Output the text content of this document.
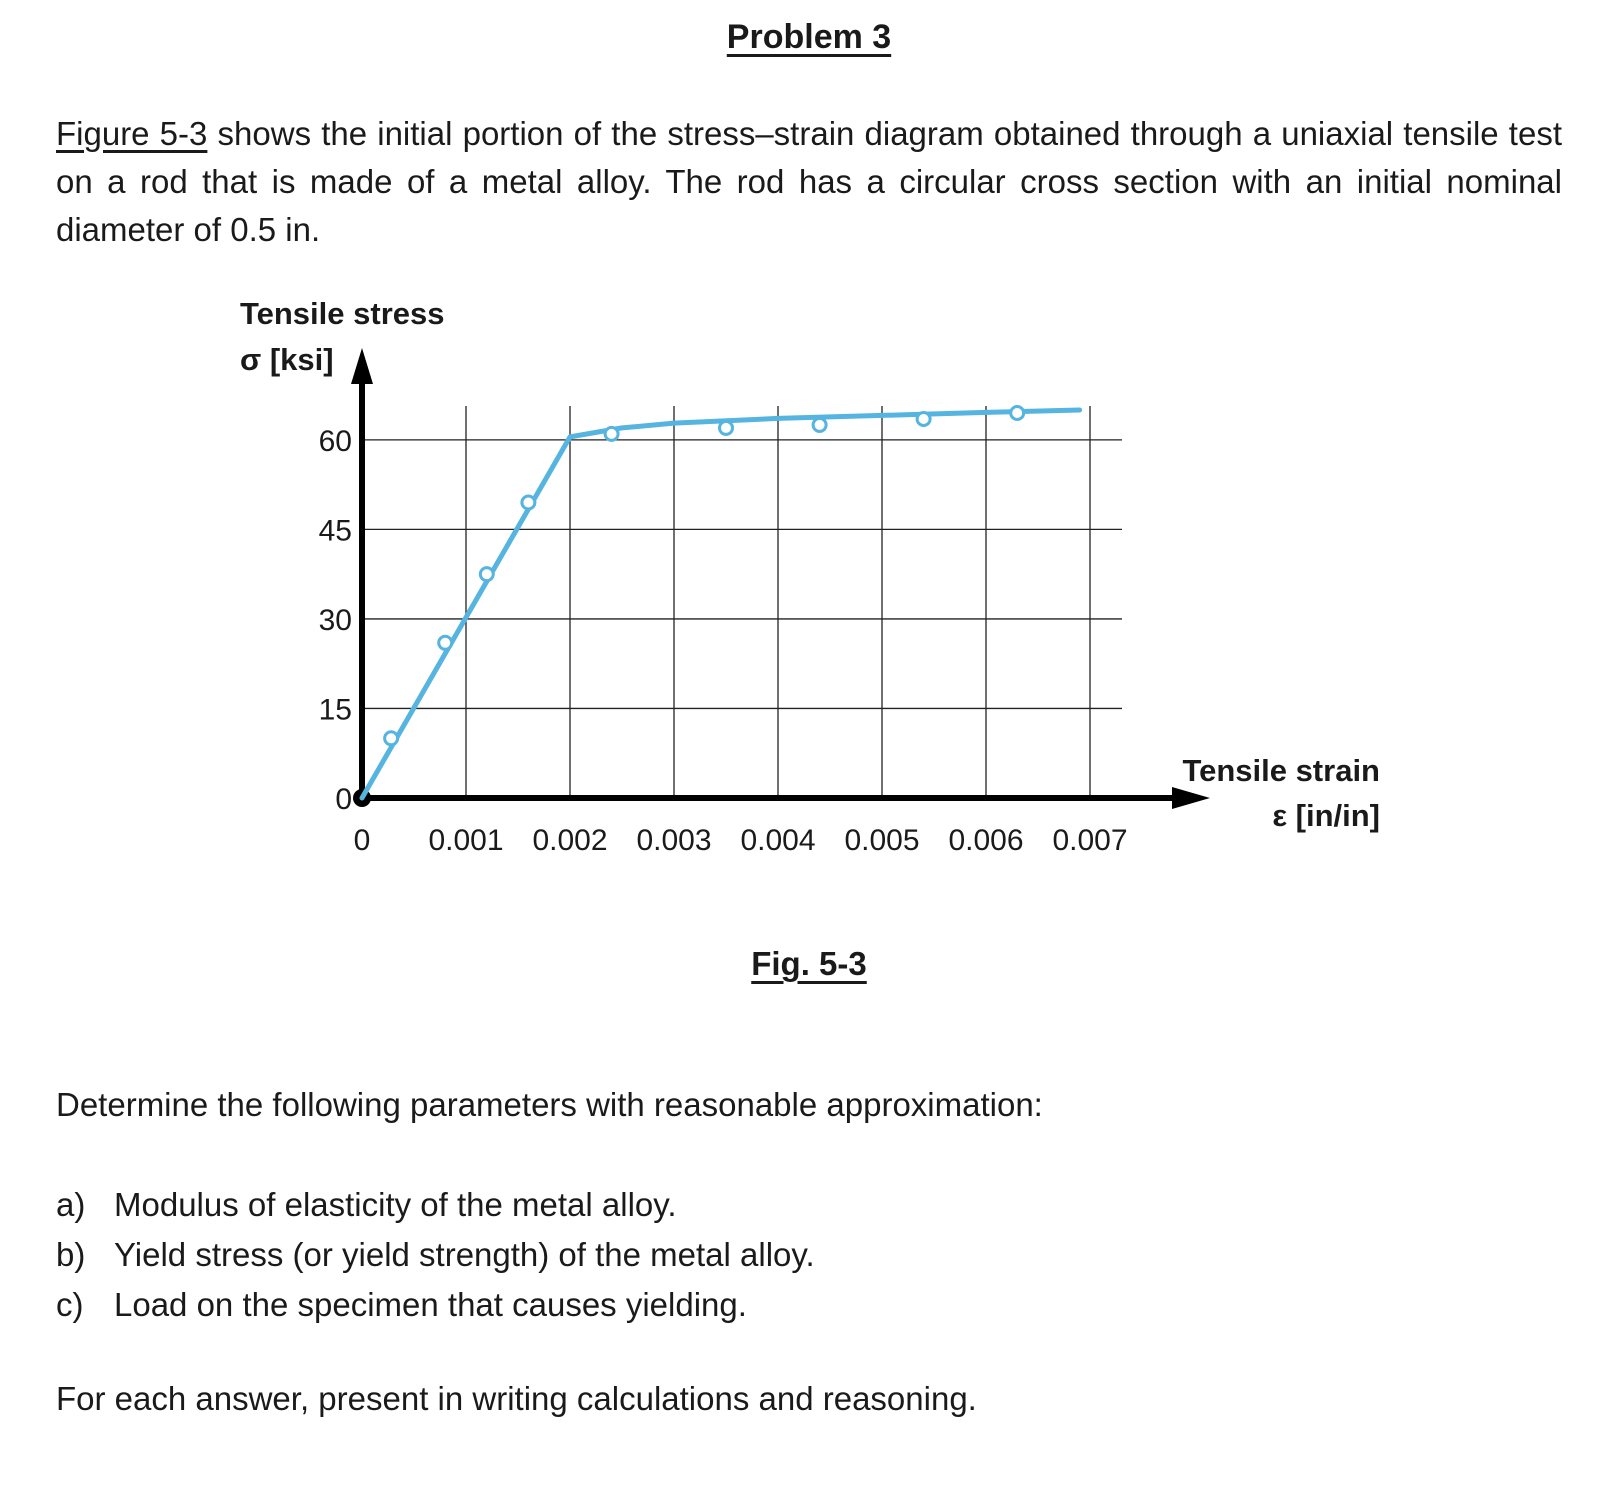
Problem 3

Figure 5-3 shows the initial portion of the stress–strain diagram obtained through a uniaxial tensile test on a rod that is made of a metal alloy. The rod has a circular cross section with an initial nominal diameter of 0.5 in.

0
15
30
45
60
0 0.001 0.002 0.003 0.004 0.005 0.006 0.007
Tensile stress
σ [ksi]
Tensile strain
ε [in/in]
Fig. 5-3

Determine the following parameters with reasonable approximation:

a) Modulus of elasticity of the metal alloy.
b) Yield stress (or yield strength) of the metal alloy.
c) Load on the specimen that causes yielding.

For each answer, present in writing calculations and reasoning.
